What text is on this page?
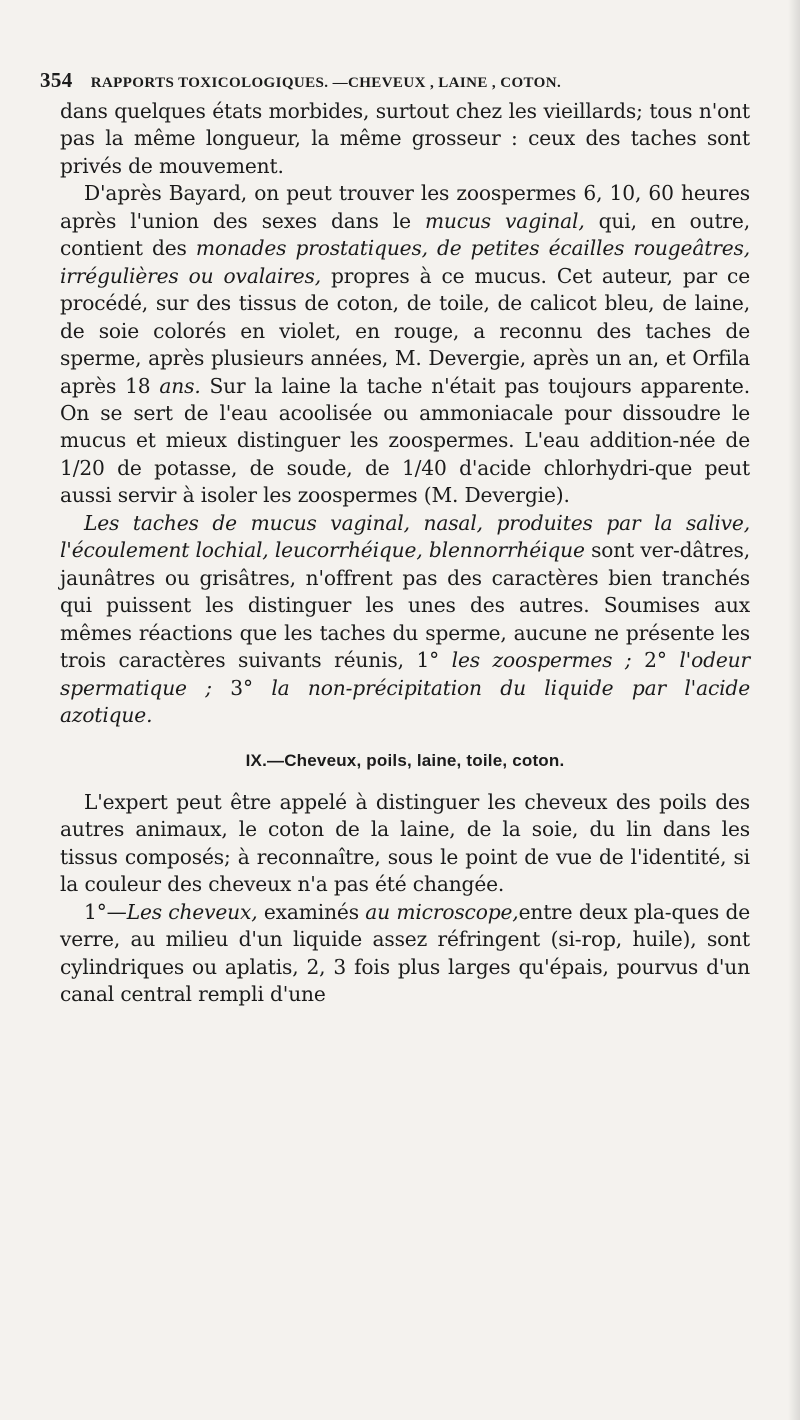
354 RAPPORTS TOXICOLOGIQUES. —CHEVEUX , LAINE , COTON.

dans quelques états morbides, surtout chez les vieillards; tous n'ont pas la même longueur, la même grosseur : ceux des taches sont privés de mouvement.

D'après Bayard, on peut trouver les zoospermes 6, 10, 60 heures après l'union des sexes dans le mucus vaginal, qui, en outre, contient des monades prostatiques, de petites écailles rougeâtres, irrégulières ou ovalaires, propres à ce mucus. Cet auteur, par ce procédé, sur des tissus de coton, de toile, de calicot bleu, de laine, de soie colorés en violet, en rouge, a reconnu des taches de sperme, après plusieurs années, M. Devergie, après un an, et Orfila après 18 ans. Sur la laine la tache n'était pas toujours apparente. On se sert de l'eau acoolisée ou ammoniacale pour dissoudre le mucus et mieux distinguer les zoospermes. L'eau addition-née de 1/20 de potasse, de soude, de 1/40 d'acide chlorhydri-que peut aussi servir à isoler les zoospermes (M. Devergie).

Les taches de mucus vaginal, nasal, produites par la salive, l'écoulement lochial, leucorrhéique, blennorrhéique sont ver-dâtres, jaunâtres ou grisâtres, n'offrent pas des caractères bien tranchés qui puissent les distinguer les unes des autres. Soumises aux mêmes réactions que les taches du sperme, aucune ne présente les trois caractères suivants réunis, 1° les zoospermes ; 2° l'odeur spermatique ; 3° la non-précipitation du liquide par l'acide azotique.

IX.—Cheveux, poils, laine, toile, coton.

L'expert peut être appelé à distinguer les cheveux des poils des autres animaux, le coton de la laine, de la soie, du lin dans les tissus composés; à reconnaître, sous le point de vue de l'identité, si la couleur des cheveux n'a pas été changée.

1°—Les cheveux, examinés au microscope,entre deux pla-ques de verre, au milieu d'un liquide assez réfringent (si-rop, huile), sont cylindriques ou aplatis, 2, 3 fois plus larges qu'épais, pourvus d'un canal central rempli d'une
